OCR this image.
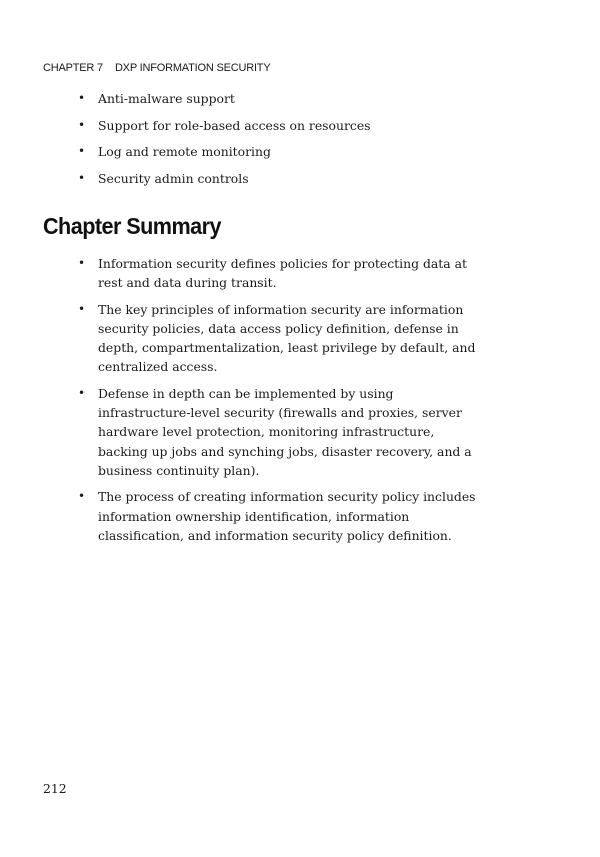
CHAPTER 7 DXP INFORMATION SECURITY
• Anti-malware support
• Support for role-based access on resources
• Log and remote monitoring
• Security admin controls
Chapter Summary
• Information security defines policies for protecting data at rest and data during transit.
• The key principles of information security are information security policies, data access policy definition, defense in depth, compartmentalization, least privilege by default, and centralized access.
• Defense in depth can be implemented by using infrastructure-level security (firewalls and proxies, server hardware level protection, monitoring infrastructure, backing up jobs and synching jobs, disaster recovery, and a business continuity plan).
• The process of creating information security policy includes information ownership identification, information classification, and information security policy definition.
212
